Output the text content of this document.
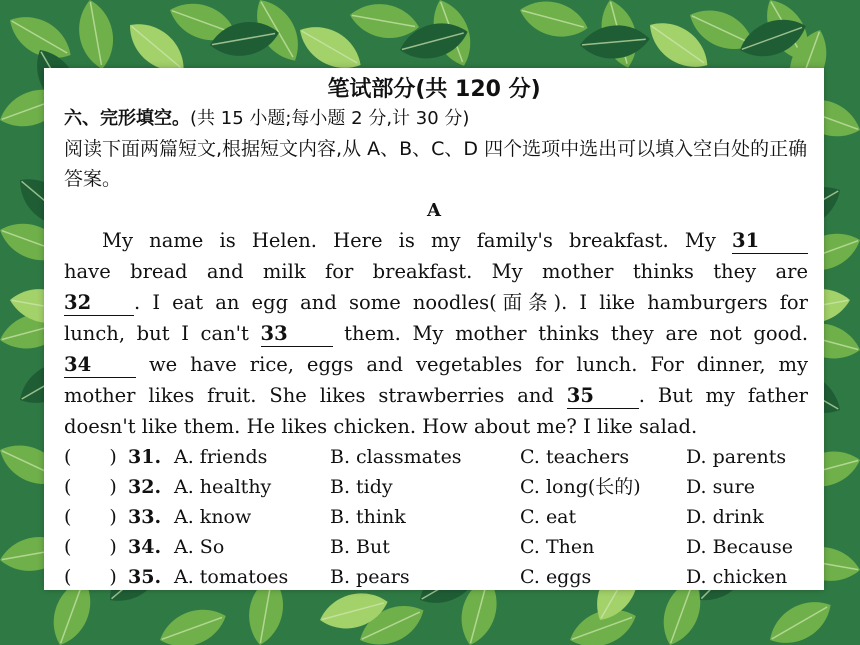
笔试部分(共 120 分)
六、完形填空。(共 15 小题;每小题 2 分,计 30 分)
阅读下面两篇短文,根据短文内容,从 A、B、C、D 四个选项中选出可以填入空白处的正确答案。
A
My name is Helen. Here is my family's breakfast. My 31
have bread and milk for breakfast. My mother thinks they are
32 . I eat an egg and some noodles(面条). I like hamburgers for
lunch, but I can't 33	them. My mother thinks they are not good.
34	we have rice, eggs and vegetables for lunch. For dinner, my
mother likes fruit. She likes strawberries and 35 . But my father
doesn't like them. He likes chicken. How about me? I like salad.
(　　) 31. A. friends	B. classmates	C. teachers	D. parents
(　　) 32. A. healthy	B. tidy	C. long(长的) D. sure
(　　) 33. A. know	B. think	C. eat	D. drink
(　　) 34. A. So	B. But	C. Then	D. Because
(　　) 35. A. tomatoes B. pears	C. eggs	D. chicken
